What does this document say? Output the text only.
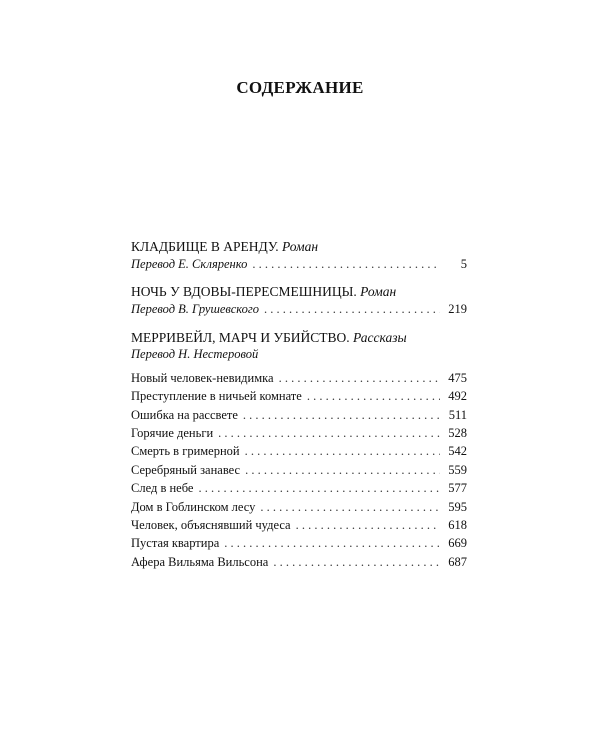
СОДЕРЖАНИЕ
КЛАДБИЩЕ В АРЕНДУ. Роман
Перевод Е. Скляренко . . .	5
НОЧЬ У ВДОВЫ-ПЕРЕСМЕШНИЦЫ. Роман
Перевод В. Грушевского . . .	219
МЕРРИВЕЙЛ, МАРЧ И УБИЙСТВО. Рассказы
Перевод Н. Нестеровой
Новый человек-невидимка . . .	475
Преступление в ничьей комнате . . .	492
Ошибка на рассвете . . .	511
Горячие деньги . . .	528
Смерть в гримерной . . .	542
Серебряный занавес . . .	559
След в небе . . .	577
Дом в Гоблинском лесу . . .	595
Человек, объяснявший чудеса . . .	618
Пустая квартира . . .	669
Афера Вильяма Вильсона . . .	687
